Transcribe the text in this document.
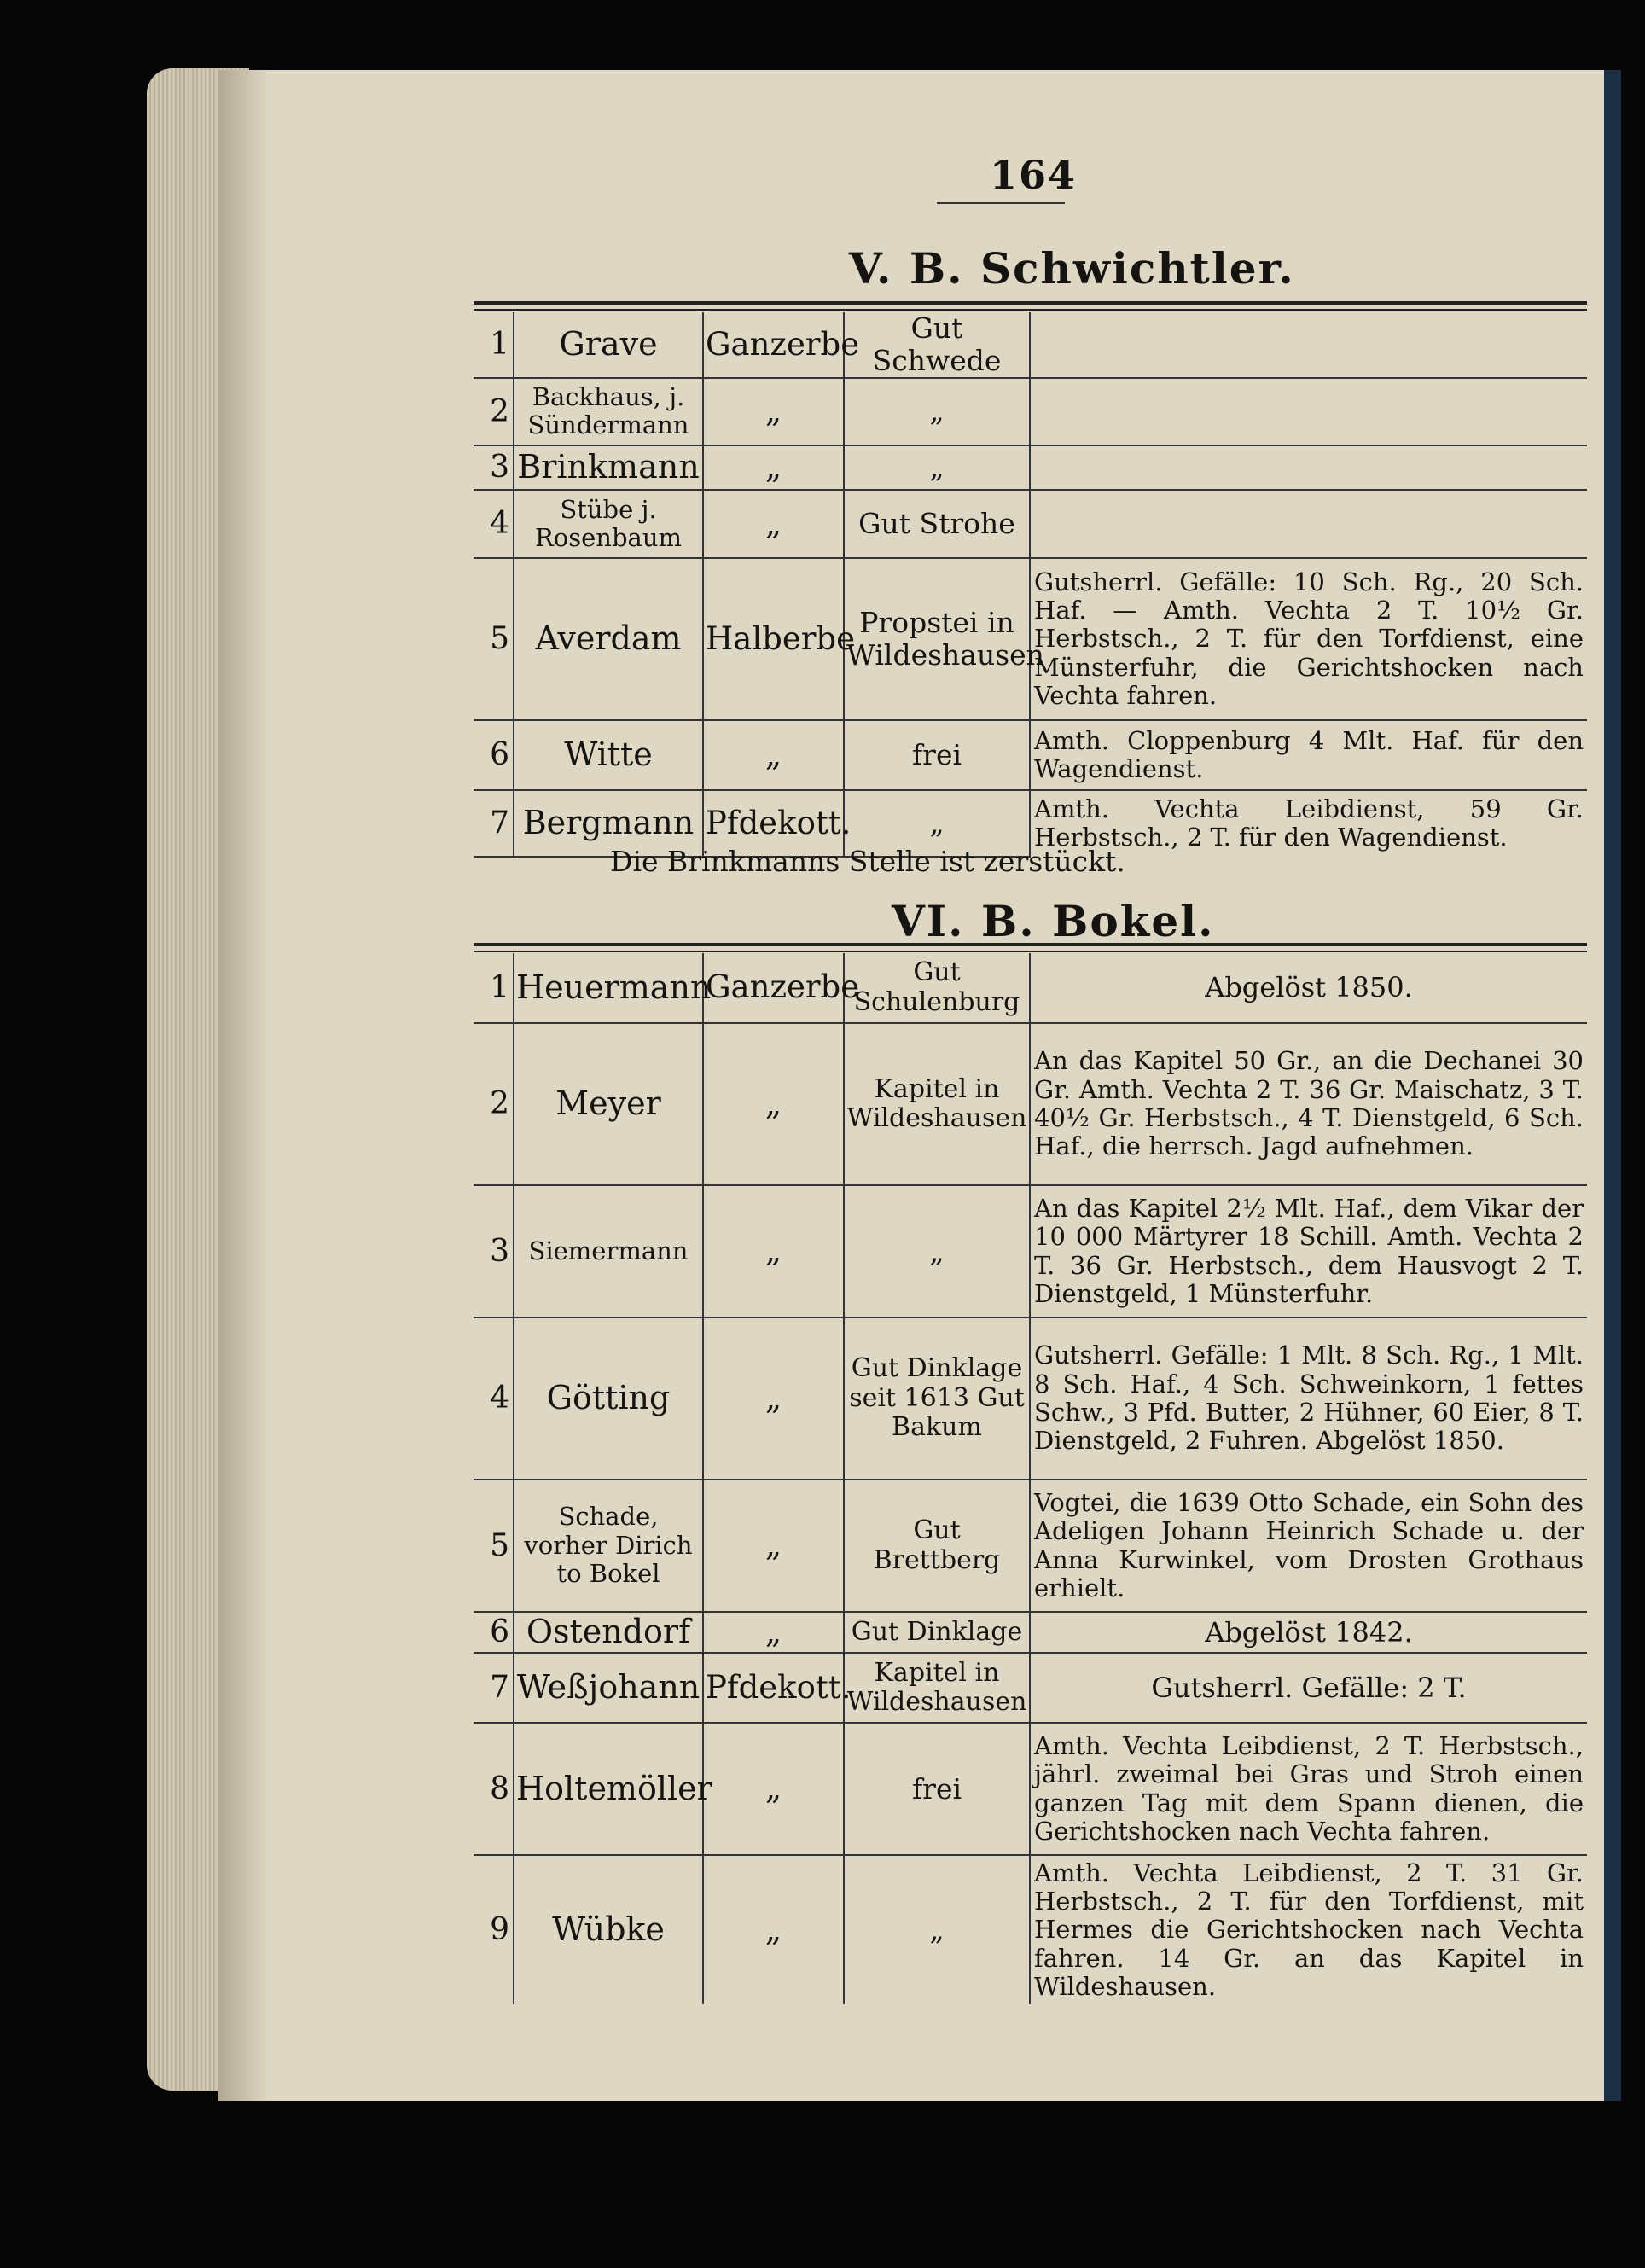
164
V. B. Schwichtler.
1	Grave	Ganzerbe	Gut Schwede	
2	Backhaus, j. Sündermann	„	„	
3	Brinkmann	„	„	
4	Stübe j. Rosenbaum	„	Gut Strohe	
5	Averdam	Halberbe	Propstei in Wildeshausen	Gutsherrl. Gefälle: 10 Sch. Rg., 20 Sch. Haf. — Amth. Vechta 2 T. 10½ Gr. Herbstsch., 2 T. für den Torfdienst, eine Münsterfuhr, die Gerichtshocken nach Vechta fahren.
6	Witte	„	frei	Amth. Cloppenburg 4 Mlt. Haf. für den Wagendienst.
7	Bergmann	Pfdekott.	„	Amth. Vechta Leibdienst, 59 Gr. Herbstsch., 2 T. für den Wagendienst.
Die Brinkmanns Stelle ist zerstückt.
VI. B. Bokel.
1	Heuermann	Ganzerbe	Gut Schulenburg	Abgelöst 1850.
2	Meyer	„	Kapitel in Wildeshausen	An das Kapitel 50 Gr., an die Dechanei 30 Gr. Amth. Vechta 2 T. 36 Gr. Maischatz, 3 T. 40½ Gr. Herbstsch., 4 T. Dienstgeld, 6 Sch. Haf., die herrsch. Jagd aufnehmen.
3	Siemermann	„	„	An das Kapitel 2½ Mlt. Haf., dem Vikar der 10 000 Märtyrer 18 Schill. Amth. Vechta 2 T. 36 Gr. Herbstsch., dem Hausvogt 2 T. Dienstgeld, 1 Münsterfuhr.
4	Götting	„	Gut Dinklage seit 1613 Gut Bakum	Gutsherrl. Gefälle: 1 Mlt. 8 Sch. Rg., 1 Mlt. 8 Sch. Haf., 4 Sch. Schweinkorn, 1 fettes Schw., 3 Pfd. Butter, 2 Hühner, 60 Eier, 8 T. Dienstgeld, 2 Fuhren. Abgelöst 1850.
5	Schade, vorher Dirich to Bokel	„	Gut Brettberg	Vogtei, die 1639 Otto Schade, ein Sohn des Adeligen Johann Heinrich Schade u. der Anna Kurwinkel, vom Drosten Grothaus erhielt.
6	Ostendorf	„	Gut Dinklage	Abgelöst 1842.
7	Weßjohann	Pfdekott.	Kapitel in Wildeshausen	Gutsherrl. Gefälle: 2 T.
8	Holtemöller	„	frei	Amth. Vechta Leibdienst, 2 T. Herbstsch., jährl. zweimal bei Gras und Stroh einen ganzen Tag mit dem Spann dienen, die Gerichtshocken nach Vechta fahren.
9	Wübke	„	„	Amth. Vechta Leibdienst, 2 T. 31 Gr. Herbstsch., 2 T. für den Torfdienst, mit Hermes die Gerichtshocken nach Vechta fahren. 14 Gr. an das Kapitel in Wildeshausen.
